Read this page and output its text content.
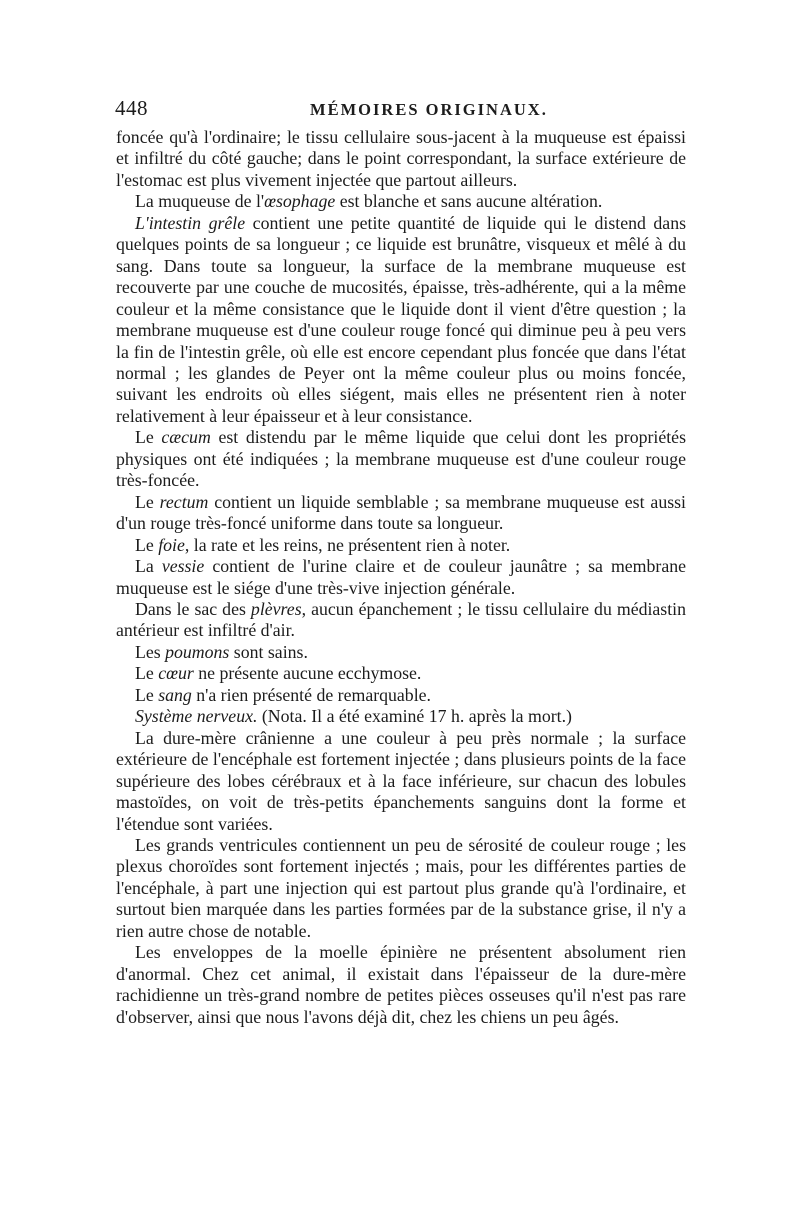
448	MÉMOIRES ORIGINAUX.

foncée qu'à l'ordinaire; le tissu cellulaire sous-jacent à la muqueuse est épaissi et infiltré du côté gauche; dans le point correspondant, la surface extérieure de l'estomac est plus vivement injectée que partout ailleurs.

La muqueuse de l'œsophage est blanche et sans aucune altération.

L'intestin grêle contient une petite quantité de liquide qui le distend dans quelques points de sa longueur ; ce liquide est brunâtre, visqueux et mêlé à du sang. Dans toute sa longueur, la surface de la membrane muqueuse est recouverte par une couche de mucosités, épaisse, très-adhérente, qui a la même couleur et la même consistance que le liquide dont il vient d'être question ; la membrane muqueuse est d'une couleur rouge foncé qui diminue peu à peu vers la fin de l'intestin grêle, où elle est encore cependant plus foncée que dans l'état normal ; les glandes de Peyer ont la même couleur plus ou moins foncée, suivant les endroits où elles siégent, mais elles ne présentent rien à noter relativement à leur épaisseur et à leur consistance.

Le cæcum est distendu par le même liquide que celui dont les propriétés physiques ont été indiquées ; la membrane muqueuse est d'une couleur rouge très-foncée.

Le rectum contient un liquide semblable ; sa membrane muqueuse est aussi d'un rouge très-foncé uniforme dans toute sa longueur.

Le foie, la rate et les reins, ne présentent rien à noter.

La vessie contient de l'urine claire et de couleur jaunâtre ; sa membrane muqueuse est le siége d'une très-vive injection générale.

Dans le sac des plèvres, aucun épanchement ; le tissu cellulaire du médiastin antérieur est infiltré d'air.

Les poumons sont sains.

Le cœur ne présente aucune ecchymose.

Le sang n'a rien présenté de remarquable.

Système nerveux. (Nota. Il a été examiné 17 h. après la mort.)

La dure-mère crânienne a une couleur à peu près normale ; la surface extérieure de l'encéphale est fortement injectée ; dans plusieurs points de la face supérieure des lobes cérébraux et à la face inférieure, sur chacun des lobules mastoïdes, on voit de très-petits épanchements sanguins dont la forme et l'étendue sont variées.

Les grands ventricules contiennent un peu de sérosité de couleur rouge ; les plexus choroïdes sont fortement injectés ; mais, pour les différentes parties de l'encéphale, à part une injection qui est partout plus grande qu'à l'ordinaire, et surtout bien marquée dans les parties formées par de la substance grise, il n'y a rien autre chose de notable.

Les enveloppes de la moelle épinière ne présentent absolument rien d'anormal. Chez cet animal, il existait dans l'épaisseur de la dure-mère rachidienne un très-grand nombre de petites pièces osseuses qu'il n'est pas rare d'observer, ainsi que nous l'avons déjà dit, chez les chiens un peu âgés.
